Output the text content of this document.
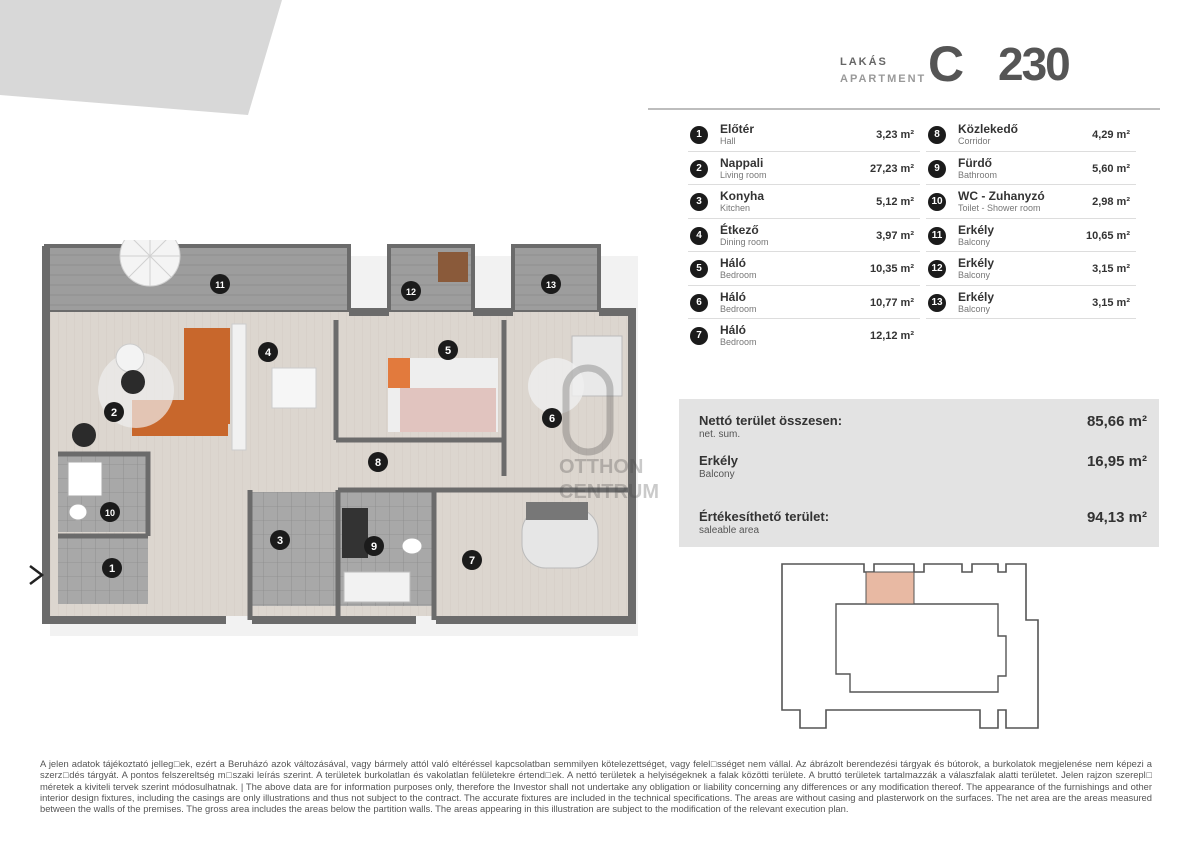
LAKÁS
APARTMENT C 230
1	Előtér
Hall	3,23 m²
2	Nappali
Living room	27,23 m²
3	Konyha
Kitchen	5,12 m²
4	Étkező
Dining room	3,97 m²
5	Háló
Bedroom	10,35 m²
6	Háló
Bedroom	10,77 m²
7	Háló
Bedroom	12,12 m²
8	Közlekedő
Corridor	4,29 m²
9	Fürdő
Bathroom	5,60 m²
10 WC - Zuhanyzó
Toilet - Shower room	2,98 m²
11	Erkély
Balcony	10,65 m²
12 Erkély
Balcony	3,15 m²
13 Erkély
Balcony	3,15 m²
Nettó terület összesen:
net. sum.
85,66 m²
Erkély
Balcony
16,95 m²
Értékesíthető terület:
saleable area
94,13 m²
OTTHON
CENTRUM
1
2
3
4	5
6
7
8
9
10
11
12
13
A jelen adatok tájékoztató jelleg□ek, ezért a Beruházó azok változásával, vagy bármely attól való eltéréssel kapcsolatban semmilyen kötelezettséget, vagy felel□sséget nem vállal. Az ábrázolt berendezési tárgyak és bútorok, a burkolatok megjelenése nem képezi a szerz□dés tárgyát. A pontos felszereltség m□szaki leírás szerint. A területek burkolatlan és vakolatlan felületekre értend□ek. A nettó területek a helyiségeknek a falak közötti területe. A bruttó területek tartalmazzák a válaszfalak alatti területet. Jelen rajzon szerepl□ méretek a kiviteli tervek szerint módosulhatnak. | The above data are for information purposes only, therefore the Investor shall not undertake any obligation or liability concerning any differences or any modification thereof. The appearance of the furnishings and other interior design fixtures, including the casings are only illustrations and thus not subject to the contract. The accurate fixtures are included in the technical specifications. The areas are without casing and plasterwork on the surfaces. The net area are the areas measured between the walls of the premises. The gross area includes the areas below the partition walls. The areas appearing in this illustration are subject to the modification of the relevant execution plan.
